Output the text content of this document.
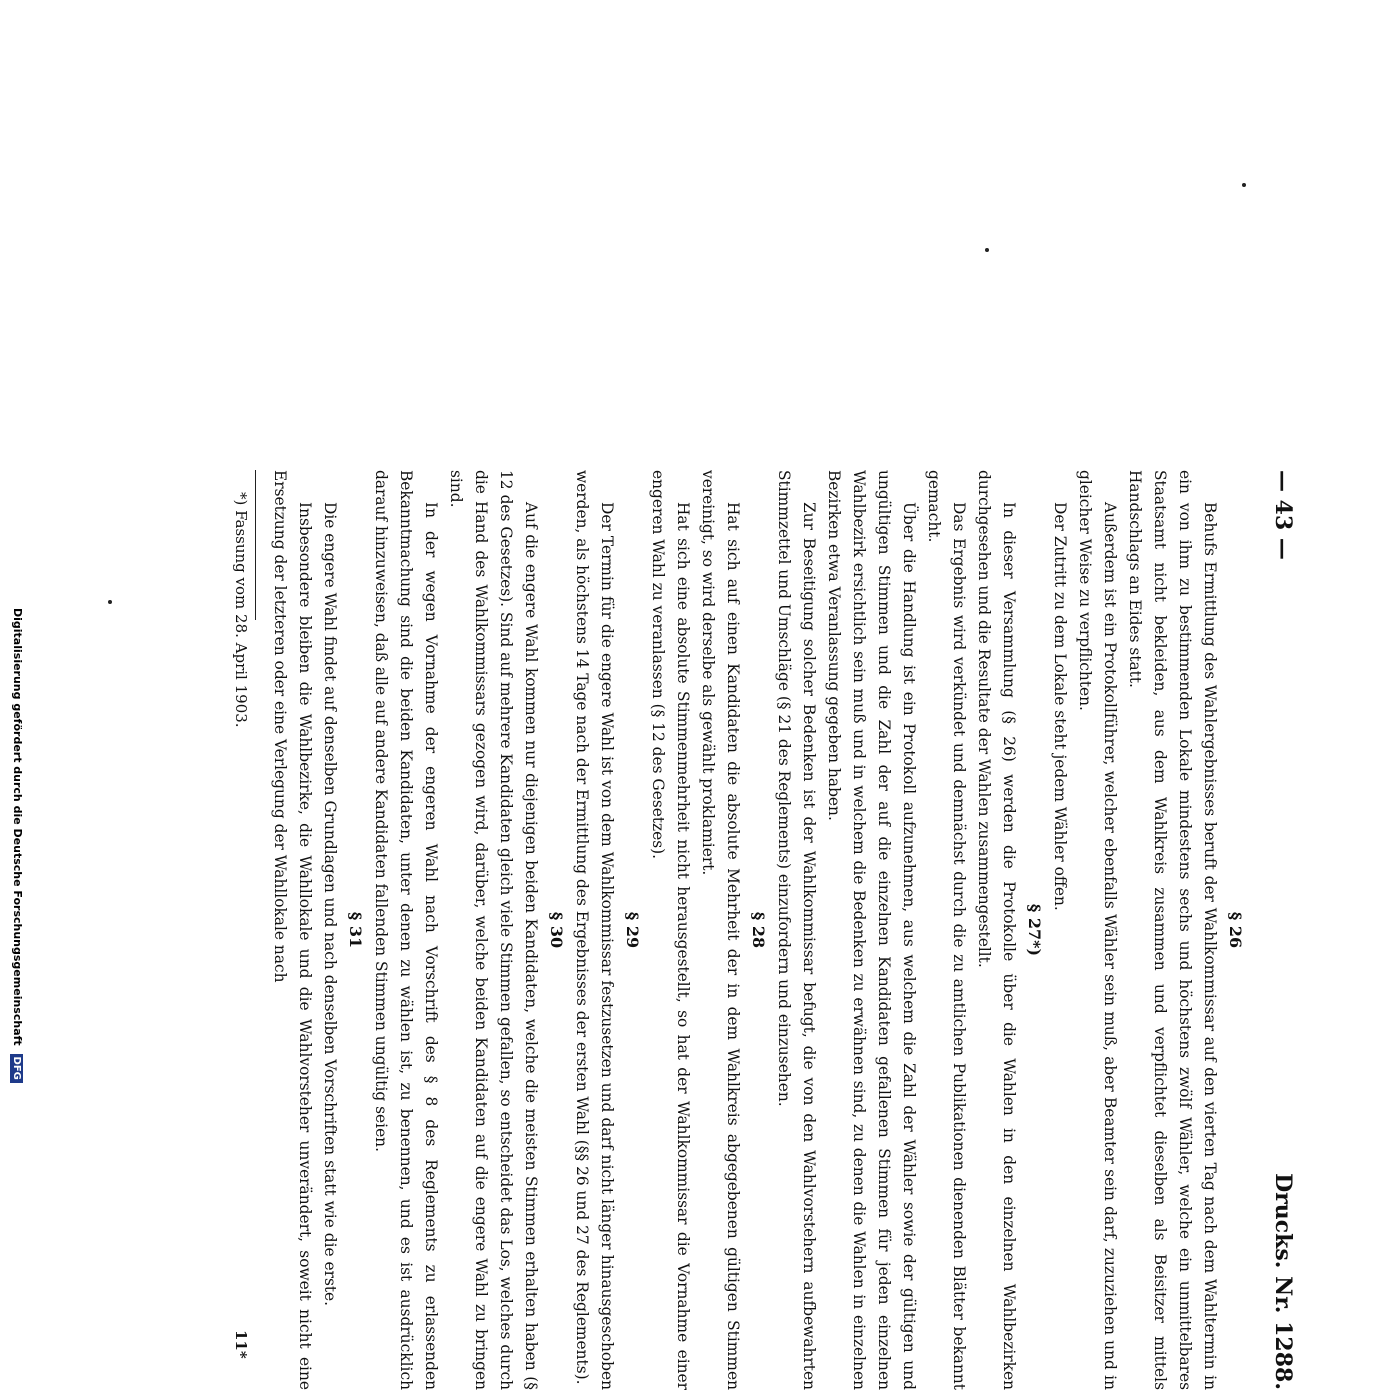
— 43 —
Drucks. Nr. 1288.
§ 26

Behufs Ermittlung des Wahlergebnisses beruft der Wahlkommissar auf den vierten Tag nach dem Wahltermin in ein von ihm zu bestimmenden Lokale mindestens sechs und höchstens zwölf Wähler, welche ein unmittelbares Staatsamt nicht bekleiden, aus dem Wahlkreis zusammen und verpflichtet dieselben als Beisitzer mittels Handschlags an Eides statt.

Außerdem ist ein Protokollführer, welcher ebenfalls Wähler sein muß, aber Beamter sein darf, zuzuziehen und in gleicher Weise zu verpflichten.

Der Zutritt zu dem Lokale steht jedem Wähler offen.

§ 27*)

In dieser Versammlung (§ 26) werden die Protokolle über die Wahlen in den einzelnen Wahlbezirken durchgesehen und die Resultate der Wahlen zusammengestellt.

Das Ergebnis wird verkündet und demnächst durch die zu amtlichen Publikationen dienenden Blätter bekannt gemacht.

Über die Handlung ist ein Protokoll aufzunehmen, aus welchem die Zahl der Wähler sowie der gültigen und ungültigen Stimmen und die Zahl der auf die einzelnen Kandidaten gefallenen Stimmen für jeden einzelnen Wahlbezirk ersichtlich sein muß und in welchem die Bedenken zu erwähnen sind, zu denen die Wahlen in einzelnen Bezirken etwa Veranlassung gegeben haben.

Zur Beseitigung solcher Bedenken ist der Wahlkommissar befugt, die von den Wahlvorstehern aufbewahrten Stimmzettel und Umschläge (§ 21 des Reglements) einzufordern und einzusehen.

§ 28

Hat sich auf einen Kandidaten die absolute Mehrheit der in dem Wahlkreis abgegebenen gültigen Stimmen vereinigt, so wird derselbe als gewählt proklamiert.

Hat sich eine absolute Stimmenmehrheit nicht herausgestellt, so hat der Wahlkommissar die Vornahme einer engeren Wahl zu veranlassen (§ 12 des Gesetzes).

§ 29

Der Termin für die engere Wahl ist von dem Wahlkommissar festzusetzen und darf nicht länger hinausgeschoben werden, als höchstens 14 Tage nach der Ermittlung des Ergebnisses der ersten Wahl (§§ 26 und 27 des Reglements).

§ 30

Auf die engere Wahl kommen nur diejenigen beiden Kandidaten, welche die meisten Stimmen erhalten haben (§ 12 des Gesetzes). Sind auf mehrere Kandidaten gleich viele Stimmen gefallen, so entscheidet das Los, welches durch die Hand des Wahlkommissars gezogen wird, darüber, welche beiden Kandidaten auf die engere Wahl zu bringen sind.

In der wegen Vornahme der engeren Wahl nach Vorschrift des § 8 des Reglements zu erlassenden Bekanntmachung sind die beiden Kandidaten, unter denen zu wählen ist, zu benennen, und es ist ausdrücklich darauf hinzuweisen, daß alle auf andere Kandidaten fallenden Stimmen ungültig seien.

§ 31

Die engere Wahl findet auf denselben Grundlagen und nach denselben Vorschriften statt wie die erste.

Insbesondere bleiben die Wahlbezirke, die Wahllokale und die Wahlvorsteher unverändert, soweit nicht eine Ersetzung der letzteren oder eine Verlegung der Wahllokale nach

*) Fassung vom 28. April 1903.
11*
Digitalisierung gefördert durch die Deutsche Forschungsgemeinschaft DFG
